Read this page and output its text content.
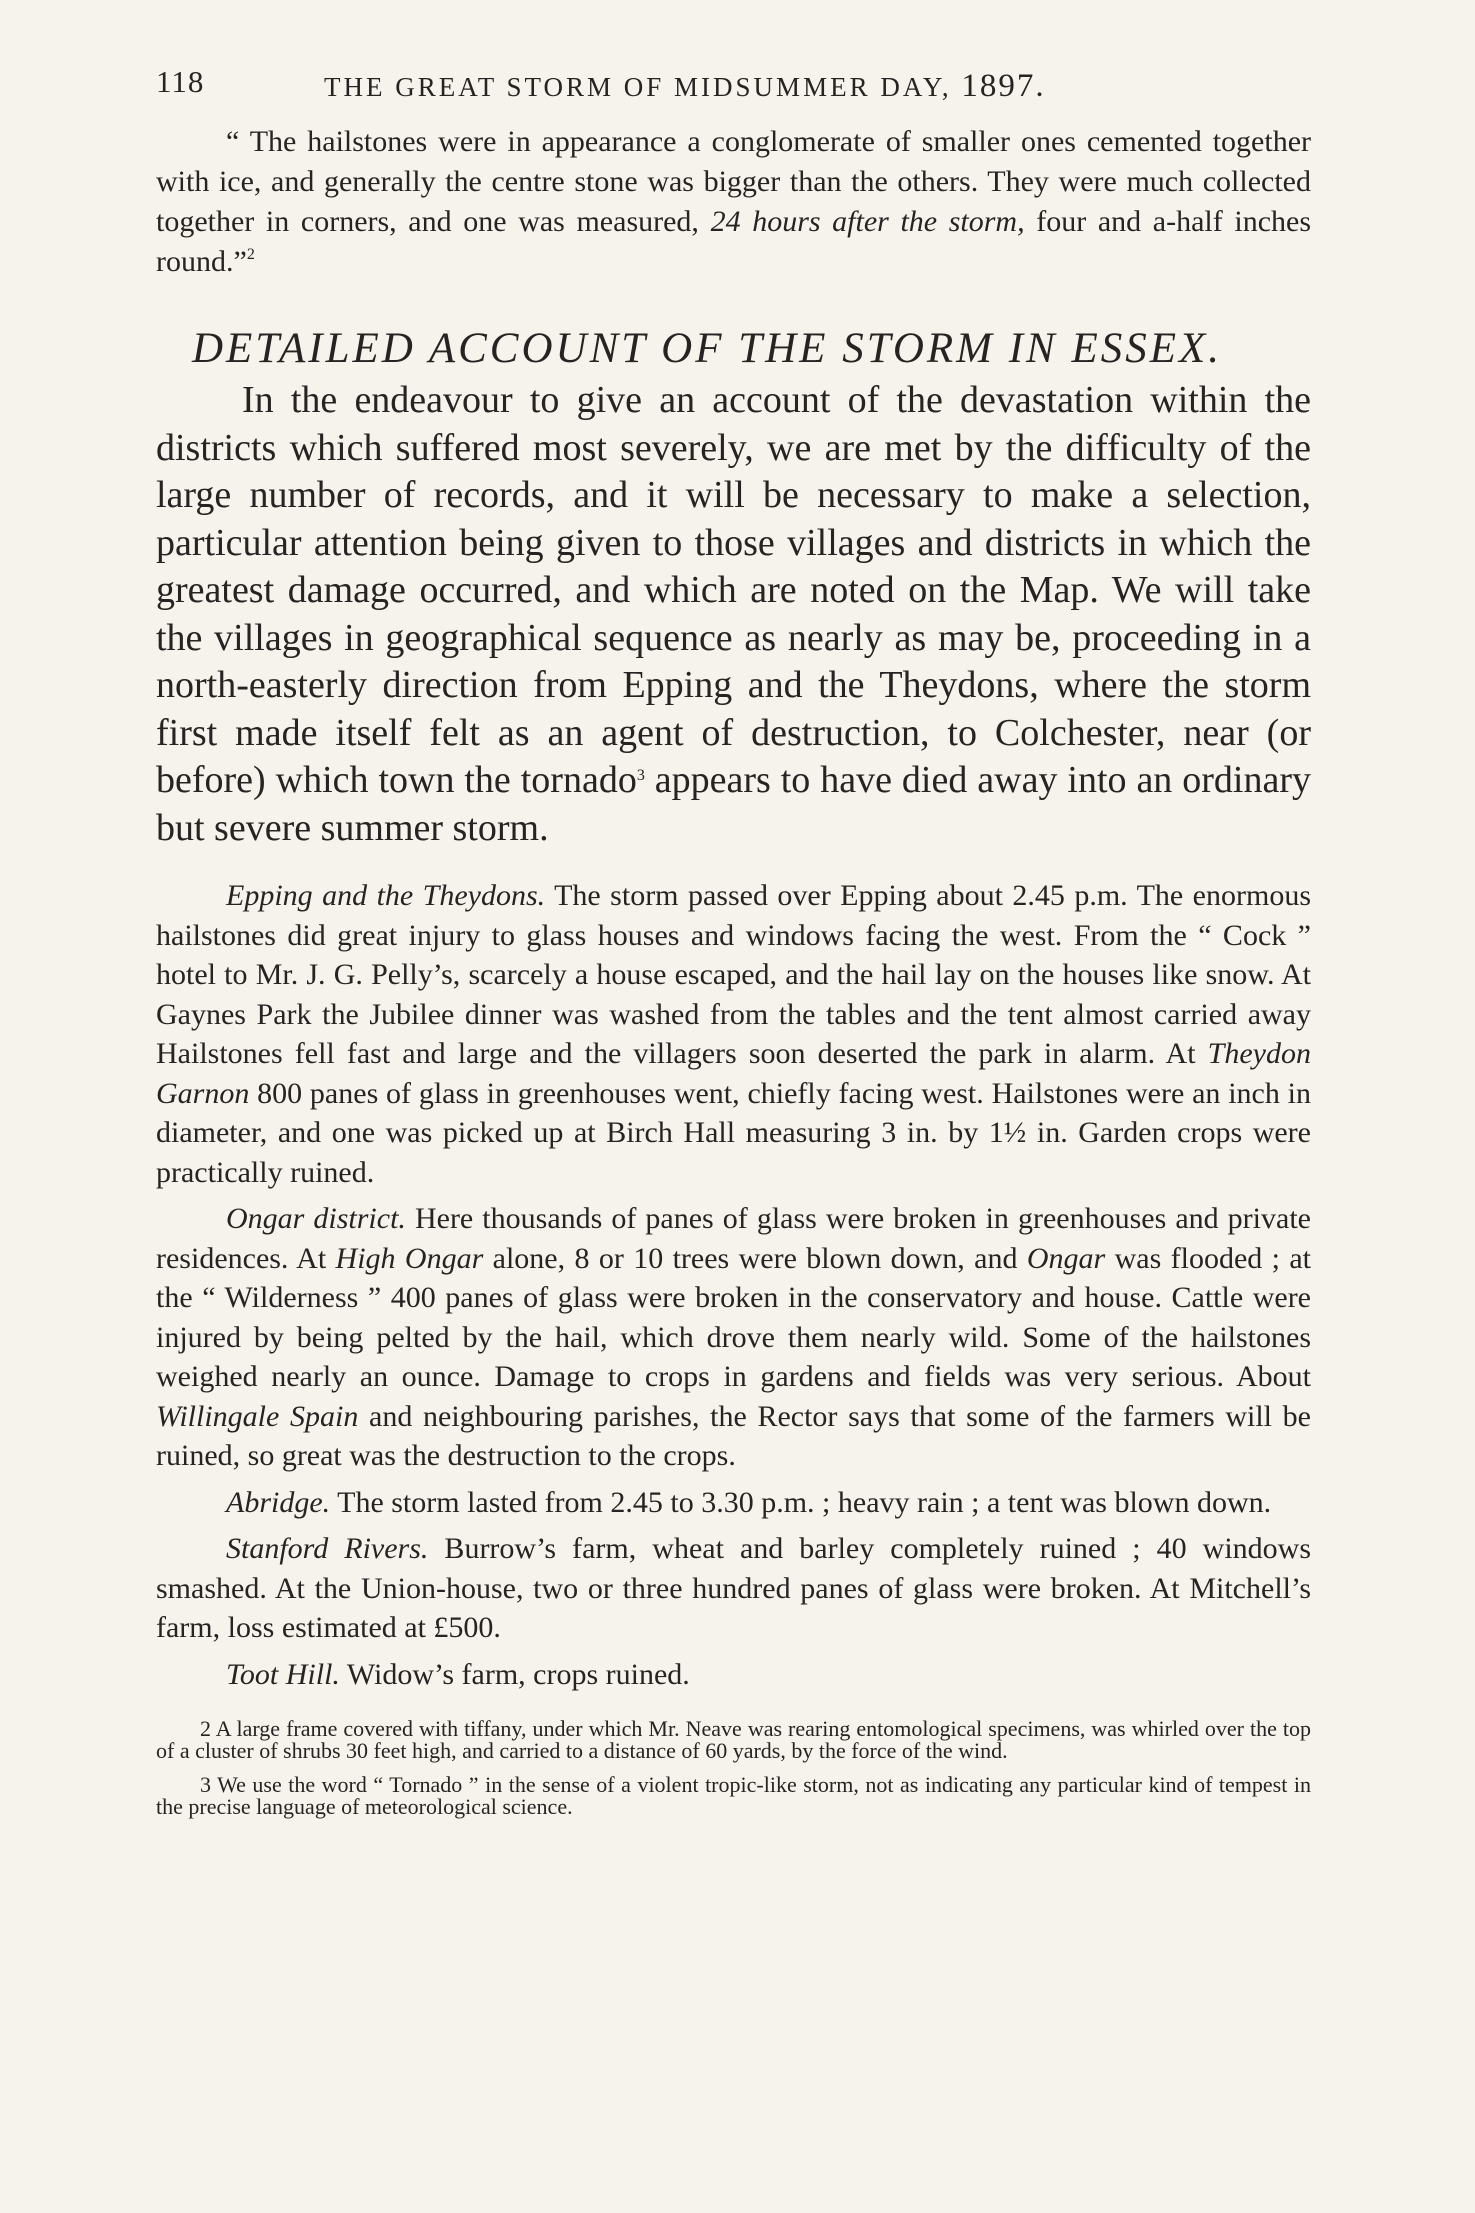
118	THE GREAT STORM OF MIDSUMMER DAY, 1897.

“ The hailstones were in appearance a conglomerate of smaller ones cemented together with ice, and generally the centre stone was bigger than the others. They were much collected together in corners, and one was measured, 24 hours after the storm, four and a-half inches round.”$^2$

DETAILED ACCOUNT OF THE STORM IN ESSEX.

In the endeavour to give an account of the devastation within the districts which suffered most severely, we are met by the difficulty of the large number of records, and it will be necessary to make a selection, particular attention being given to those villages and districts in which the greatest damage occurred, and which are noted on the Map. We will take the villages in geographical sequence as nearly as may be, proceeding in a north-easterly direction from Epping and the Theydons, where the storm first made itself felt as an agent of destruction, to Colchester, near (or before) which town the tornado$^3$ appears to have died away into an ordinary but severe summer storm.

Epping and the Theydons. The storm passed over Epping about 2.45 p.m. The enormous hailstones did great injury to glass houses and windows facing the west. From the “ Cock ” hotel to Mr. J. G. Pelly’s, scarcely a house escaped, and the hail lay on the houses like snow. At Gaynes Park the Jubilee dinner was washed from the tables and the tent almost carried away Hailstones fell fast and large and the villagers soon deserted the park in alarm. At Theydon Garnon 800 panes of glass in greenhouses went, chiefly facing west. Hailstones were an inch in diameter, and one was picked up at Birch Hall measuring 3 in. by 1½ in. Garden crops were practically ruined.

Ongar district. Here thousands of panes of glass were broken in greenhouses and private residences. At High Ongar alone, 8 or 10 trees were blown down, and Ongar was flooded ; at the “ Wilderness ” 400 panes of glass were broken in the conservatory and house. Cattle were injured by being pelted by the hail, which drove them nearly wild. Some of the hailstones weighed nearly an ounce. Damage to crops in gardens and fields was very serious. About Willingale Spain and neighbouring parishes, the Rector says that some of the farmers will be ruined, so great was the destruction to the crops.

Abridge. The storm lasted from 2.45 to 3.30 p.m. ; heavy rain ; a tent was blown down.

Stanford Rivers. Burrow’s farm, wheat and barley completely ruined ; 40 windows smashed. At the Union-house, two or three hundred panes of glass were broken. At Mitchell’s farm, loss estimated at £500.

Toot Hill. Widow’s farm, crops ruined.

2 A large frame covered with tiffany, under which Mr. Neave was rearing entomological specimens, was whirled over the top of a cluster of shrubs 30 feet high, and carried to a distance of 60 yards, by the force of the wind.

3 We use the word “ Tornado ” in the sense of a violent tropic-like storm, not as indicating any particular kind of tempest in the precise language of meteorological science.
